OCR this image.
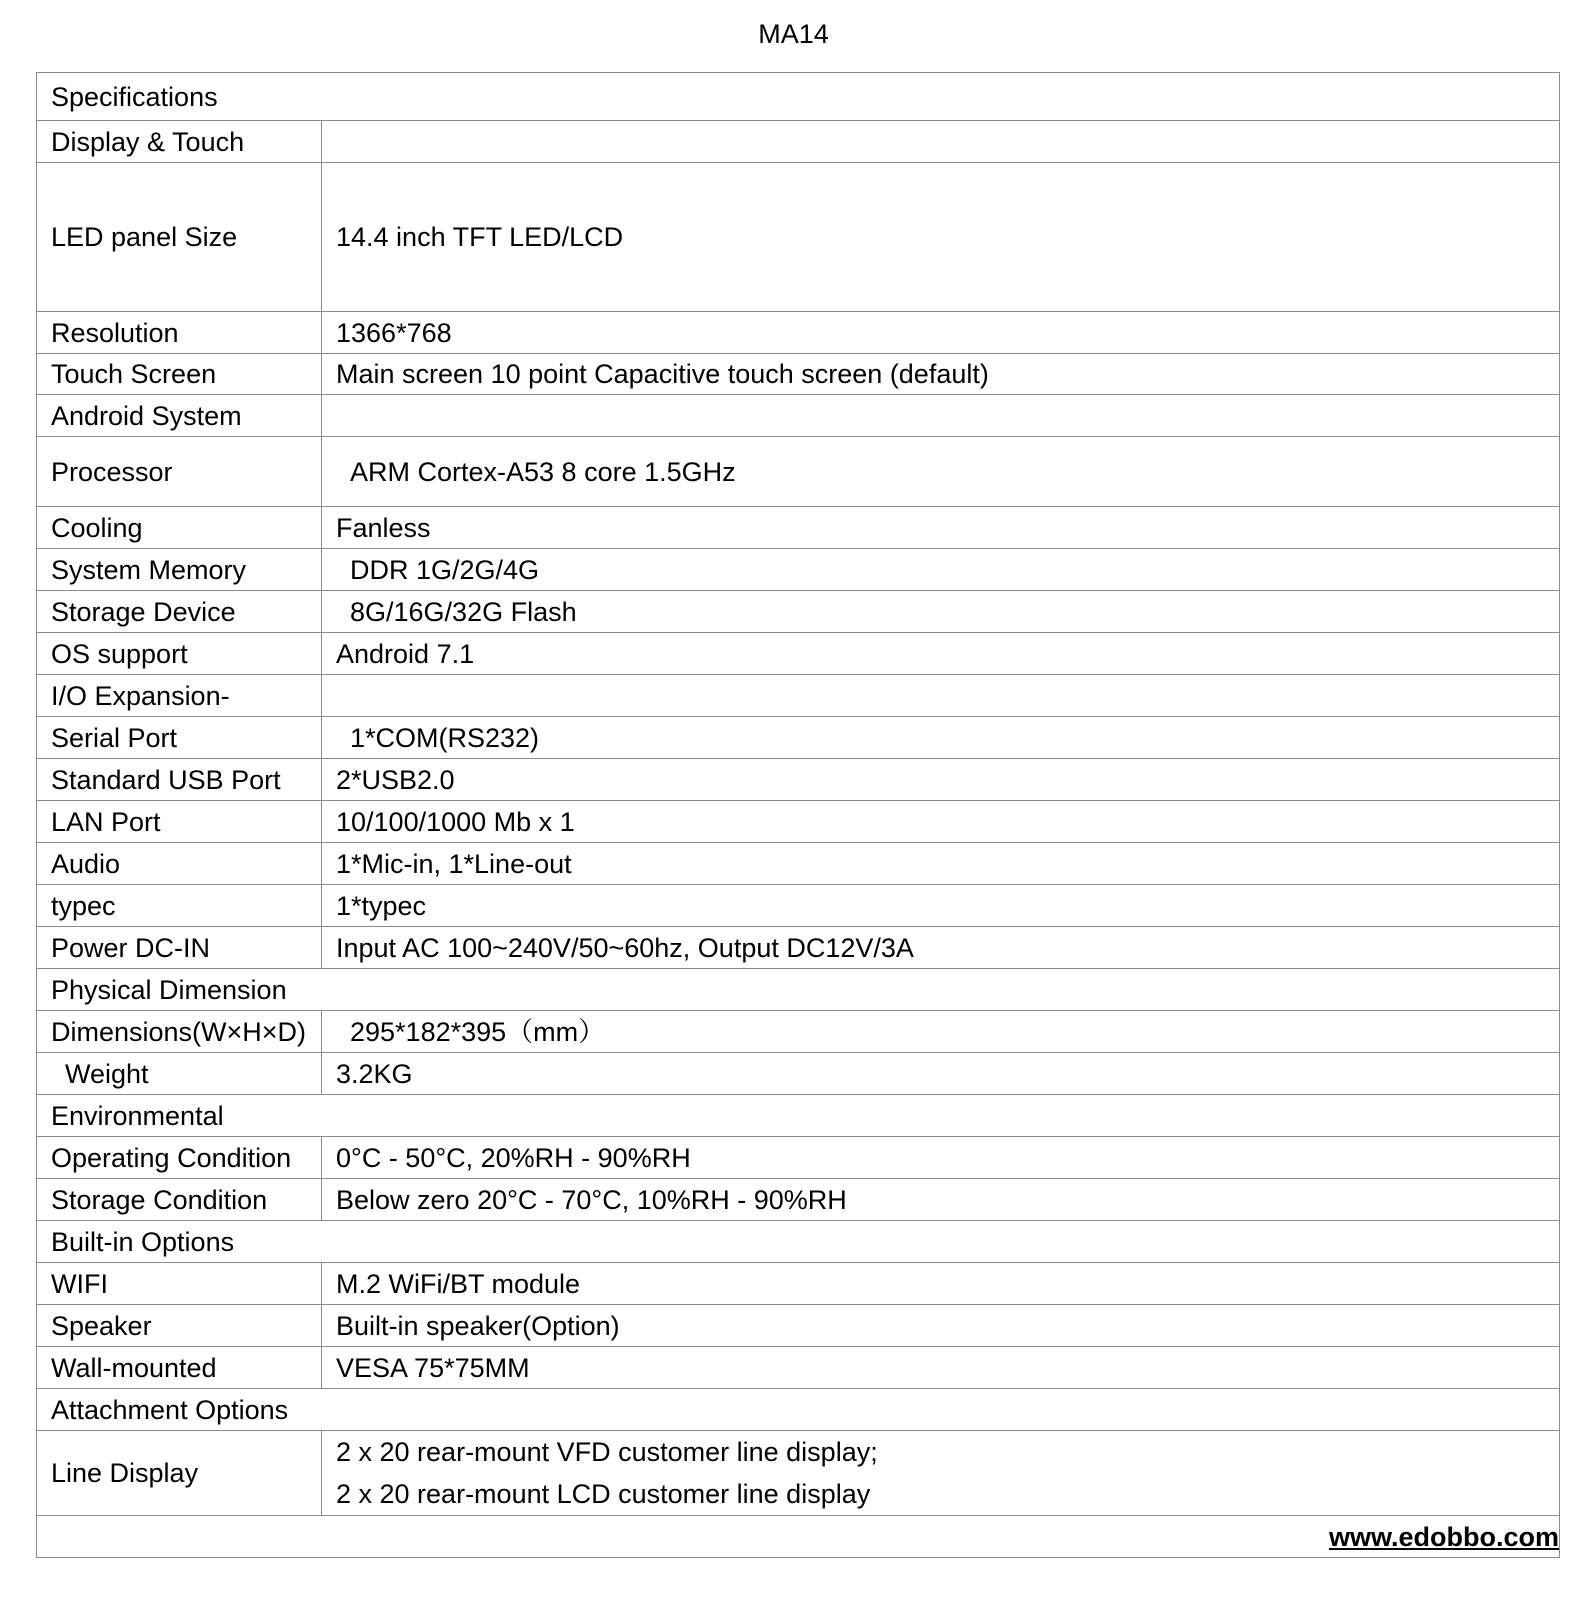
MA14
Specifications	
Display & Touch	
LED panel Size	14.4 inch TFT LED/LCD
Resolution	1366*768
Touch Screen	Main screen 10 point Capacitive touch screen (default)
Android System	
Processor	ARM Cortex-A53 8 core 1.5GHz
Cooling	Fanless
System Memory	DDR 1G/2G/4G
Storage Device	8G/16G/32G Flash
OS support	Android 7.1
I/O Expansion-	
Serial Port	1*COM(RS232)
Standard USB Port	2*USB2.0
LAN Port	10/100/1000 Mb x 1
Audio	1*Mic-in, 1*Line-out
typec	1*typec
Power DC-IN	Input AC 100~240V/50~60hz, Output DC12V/3A
Physical Dimension	
Dimensions(W×H×D)	295*182*395（mm）
Weight	3.2KG
Environmental	
Operating Condition	0°C - 50°C, 20%RH - 90%RH
Storage Condition	Below zero 20°C - 70°C, 10%RH - 90%RH
Built-in Options	
WIFI	M.2 WiFi/BT module
Speaker	Built-in speaker(Option)
Wall-mounted	VESA 75*75MM
Attachment Options	
Line Display	2 x 20 rear-mount VFD customer line display;
2 x 20 rear-mount LCD customer line display

www.edobbo.com	
